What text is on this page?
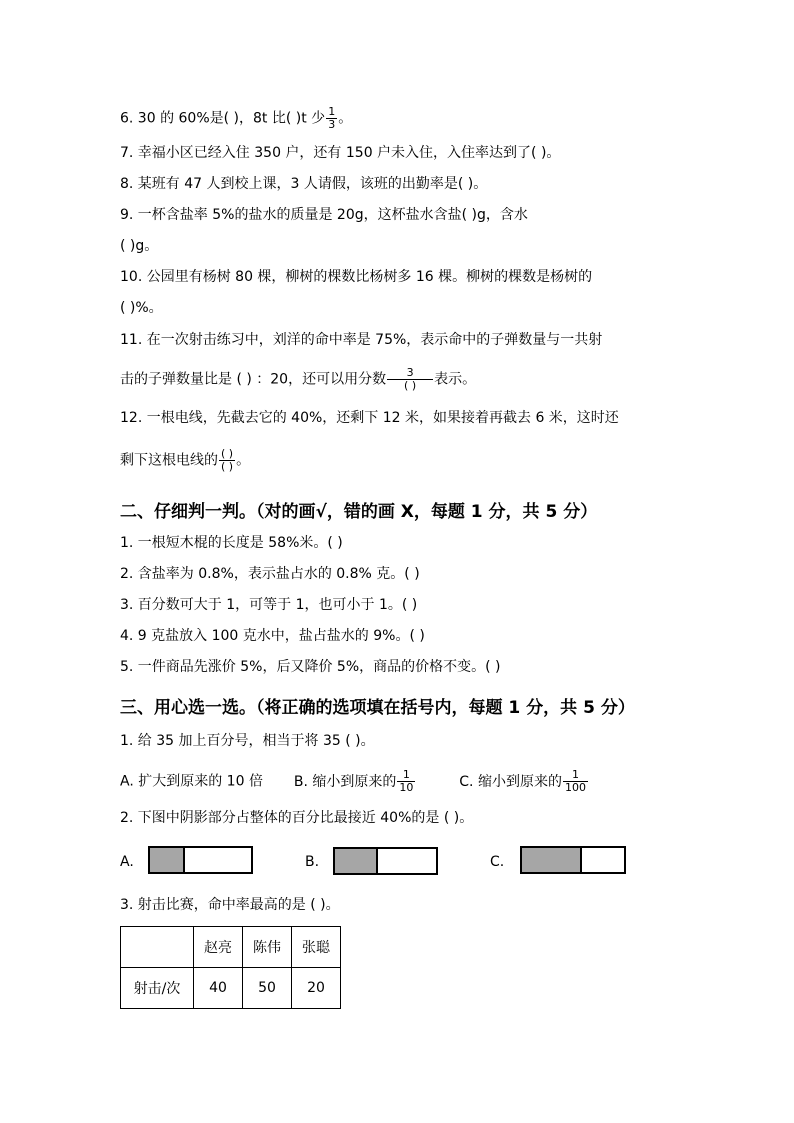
6. 30 的 60%是( )，8t 比( )t 少 $\frac{1}{3}$ 。
7. 幸福小区已经入住 350 户，还有 150 户未入住，入住率达到了( )。
8. 某班有 47 人到校上课，3 人请假，该班的出勤率是( )。
9. 一杯含盐率 5%的盐水的质量是 20g，这杯盐水含盐( )g，含水
( )g。
10. 公园里有杨树 80 棵，柳树的棵数比杨树多 16 棵。柳树的棵数是杨树的
( )%。
11. 在一次射击练习中，刘洋的命中率是 75%，表示命中的子弹数量与一共射
击的子弹数量比是 ( ) ：20，还可以用分数 $\frac{3}{( )}$ 表示。
12. 一根电线，先截去它的 40%，还剩下 12 米，如果接着再截去 6 米，这时还
剩下这根电线的 $\frac{( )}{( )}$ 。
二、仔细判一判。（对的画√，错的画 X，每题 1 分，共 5 分）
1. 一根短木棍的长度是 58%米。( )
2. 含盐率为 0.8%，表示盐占水的 0.8% 克。( )
3. 百分数可大于 1，可等于 1，也可小于 1。( )
4. 9 克盐放入 100 克水中，盐占盐水的 9%。( )
5. 一件商品先涨价 5%，后又降价 5%，商品的价格不变。( )
三、用心选一选。（将正确的选项填在括号内，每题 1 分，共 5 分）
1. 给 35 加上百分号，相当于将 35 ( )。
A. 扩大到原来的 10 倍 B. 缩小到原来的 $\frac{1}{10}$	C. 缩小到原来的 $\frac{1}{100}$
2. 下图中阴影部分占整体的百分比最接近 40%的是 ( )。
A.	B.	C.
3. 射击比赛，命中率最高的是 ( )。
	赵亮	陈伟	张聪
射击/次	40	50	20
